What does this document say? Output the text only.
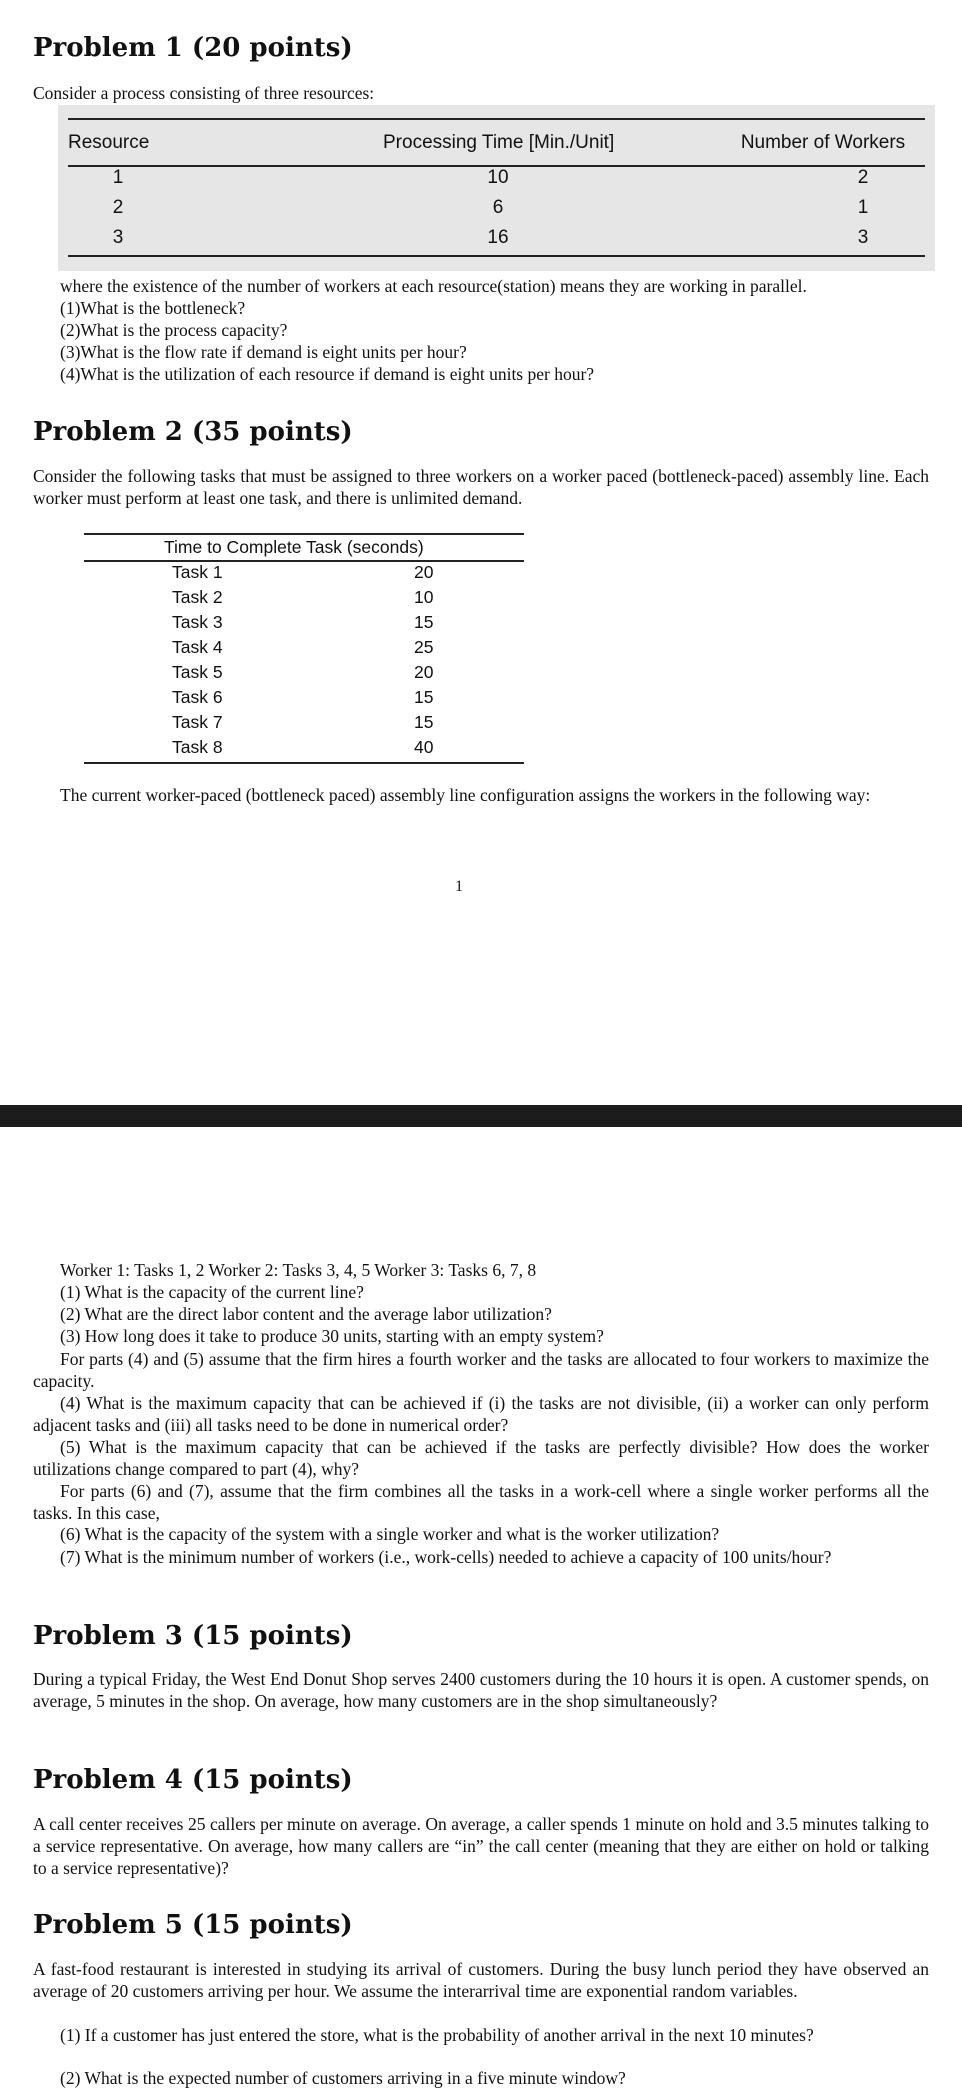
Problem 1 (20 points)

Consider a process consisting of three resources:

Resource	Processing Time [Min./Unit]	Number of Workers
1	10	2
2	6	1
3	16	3
where the existence of the number of workers at each resource(station) means they are working in parallel.
(1)What is the bottleneck?
(2)What is the process capacity?
(3)What is the flow rate if demand is eight units per hour?
(4)What is the utilization of each resource if demand is eight units per hour?
Problem 2 (35 points)

Consider the following tasks that must be assigned to three workers on a worker paced (bottleneck-paced) assembly line. Each worker must perform at least one task, and there is unlimited demand.

Time to Complete Task (seconds)
Task 1	20
Task 2	10
Task 3	15
Task 4	25
Task 5	20
Task 6	15
Task 7	15
Task 8	40

The current worker-paced (bottleneck paced) assembly line configuration assigns the workers in the following way:

1
Worker 1: Tasks 1, 2 Worker 2: Tasks 3, 4, 5 Worker 3: Tasks 6, 7, 8
(1) What is the capacity of the current line?
(2) What are the direct labor content and the average labor utilization?
(3) How long does it take to produce 30 units, starting with an empty system?

For parts (4) and (5) assume that the firm hires a fourth worker and the tasks are allocated to four workers to maximize the capacity.

(4) What is the maximum capacity that can be achieved if (i) the tasks are not divisible, (ii) a worker can only perform adjacent tasks and (iii) all tasks need to be done in numerical order?

(5) What is the maximum capacity that can be achieved if the tasks are perfectly divisible? How does the worker utilizations change compared to part (4), why?

For parts (6) and (7), assume that the firm combines all the tasks in a work-cell where a single worker performs all the tasks. In this case,

(6) What is the capacity of the system with a single worker and what is the worker utilization?

(7) What is the minimum number of workers (i.e., work-cells) needed to achieve a capacity of 100 units/hour?

Problem 3 (15 points)

During a typical Friday, the West End Donut Shop serves 2400 customers during the 10 hours it is open. A customer spends, on average, 5 minutes in the shop. On average, how many customers are in the shop simultaneously?

Problem 4 (15 points)

A call center receives 25 callers per minute on average. On average, a caller spends 1 minute on hold and 3.5 minutes talking to a service representative. On average, how many callers are “in” the call center (meaning that they are either on hold or talking to a service representative)?

Problem 5 (15 points)

A fast-food restaurant is interested in studying its arrival of customers. During the busy lunch period they have observed an average of 20 customers arriving per hour. We assume the interarrival time are exponential random variables.

(1) If a customer has just entered the store, what is the probability of another arrival in the next 10 minutes?

(2) What is the expected number of customers arriving in a five minute window?
